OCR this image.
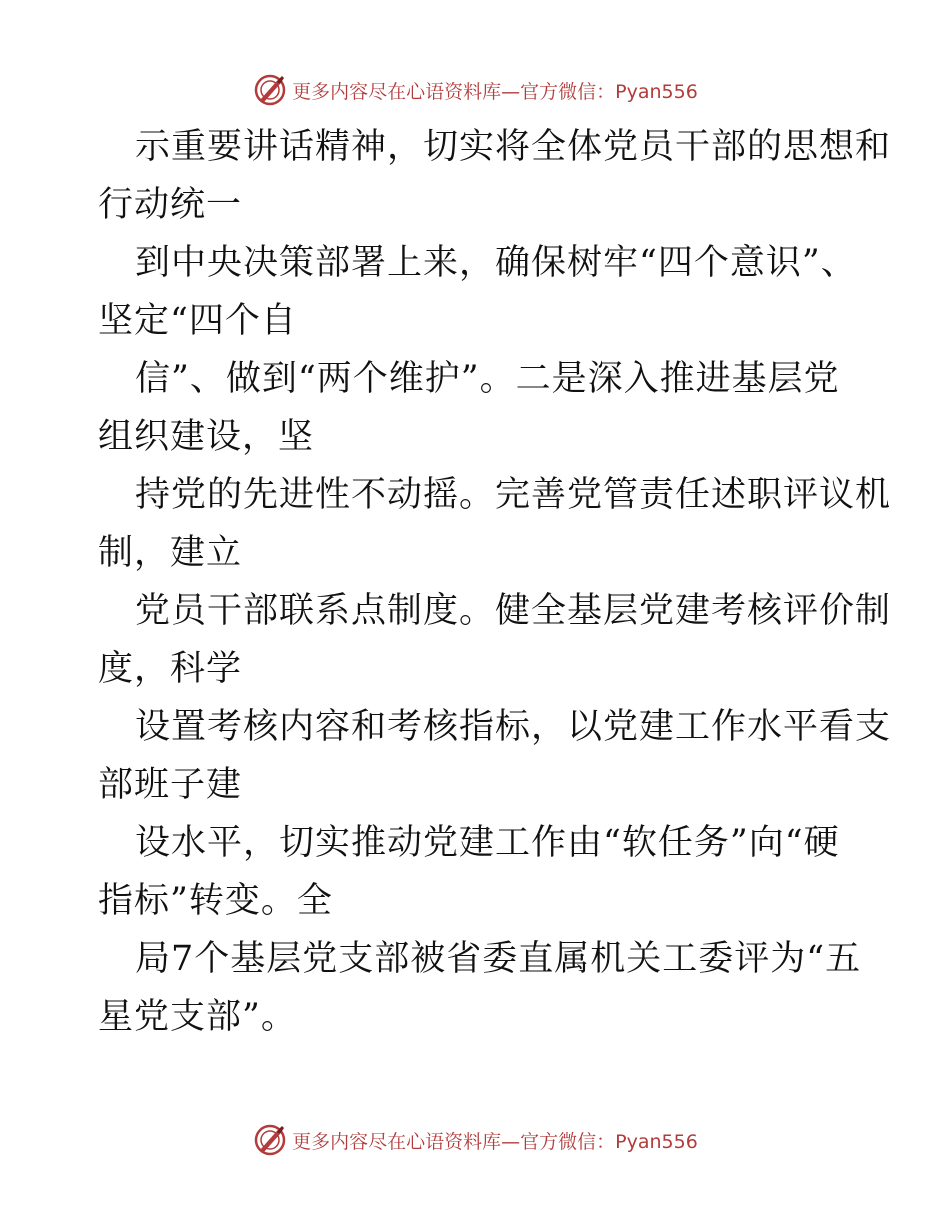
更多内容尽在心语资料库—官方微信：Pyan556
示重要讲话精神，切实将全体党员干部的思想和
行动统一
到中央决策部署上来，确保树牢“四个意识”、
坚定“四个自
信”、做到“两个维护”。二是深入推进基层党
组织建设，坚
持党的先进性不动摇。完善党管责任述职评议机
制，建立
党员干部联系点制度。健全基层党建考核评价制
度，科学
设置考核内容和考核指标，以党建工作水平看支
部班子建
设水平，切实推动党建工作由“软任务”向“硬
指标”转变。全
局7个基层党支部被省委直属机关工委评为“五
星党支部”。
更多内容尽在心语资料库—官方微信：Pyan556
